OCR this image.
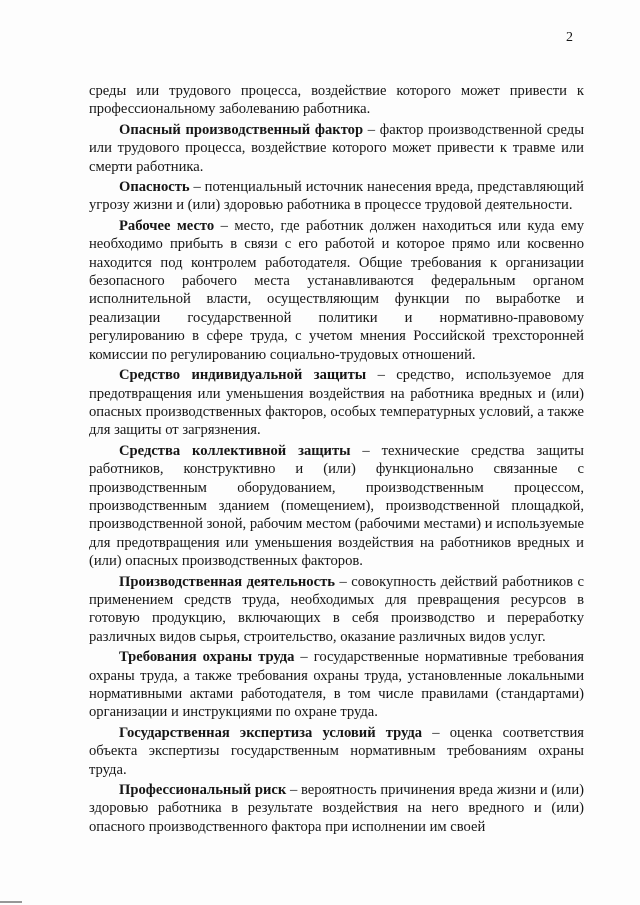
2

среды или трудового процесса, воздействие которого может привести к профессиональному заболеванию работника.

Опасный производственный фактор – фактор производственной среды или трудового процесса, воздействие которого может привести к травме или смерти работника.

Опасность – потенциальный источник нанесения вреда, представляющий угрозу жизни и (или) здоровью работника в процессе трудовой деятельности.

Рабочее место – место, где работник должен находиться или куда ему необходимо прибыть в связи с его работой и которое прямо или косвенно находится под контролем работодателя. Общие требования к организации безопасного рабочего места устанавливаются федеральным органом исполнительной власти, осуществляющим функции по выработке и реализации государственной политики и нормативно-правовому регулированию в сфере труда, с учетом мнения Российской трехсторонней комиссии по регулированию социально-трудовых отношений.

Средство индивидуальной защиты – средство, используемое для предотвращения или уменьшения воздействия на работника вредных и (или) опасных производственных факторов, особых температурных условий, а также для защиты от загрязнения.

Средства коллективной защиты – технические средства защиты работников, конструктивно и (или) функционально связанные с производственным оборудованием, производственным процессом, производственным зданием (помещением), производственной площадкой, производственной зоной, рабочим местом (рабочими местами) и используемые для предотвращения или уменьшения воздействия на работников вредных и (или) опасных производственных факторов.

Производственная деятельность – совокупность действий работников с применением средств труда, необходимых для превращения ресурсов в готовую продукцию, включающих в себя производство и переработку различных видов сырья, строительство, оказание различных видов услуг.

Требования охраны труда – государственные нормативные требования охраны труда, а также требования охраны труда, установленные локальными нормативными актами работодателя, в том числе правилами (стандартами) организации и инструкциями по охране труда.

Государственная экспертиза условий труда – оценка соответствия объекта экспертизы государственным нормативным требованиям охраны труда.

Профессиональный риск – вероятность причинения вреда жизни и (или) здоровью работника в результате воздействия на него вредного и (или) опасного производственного фактора при исполнении им своей
